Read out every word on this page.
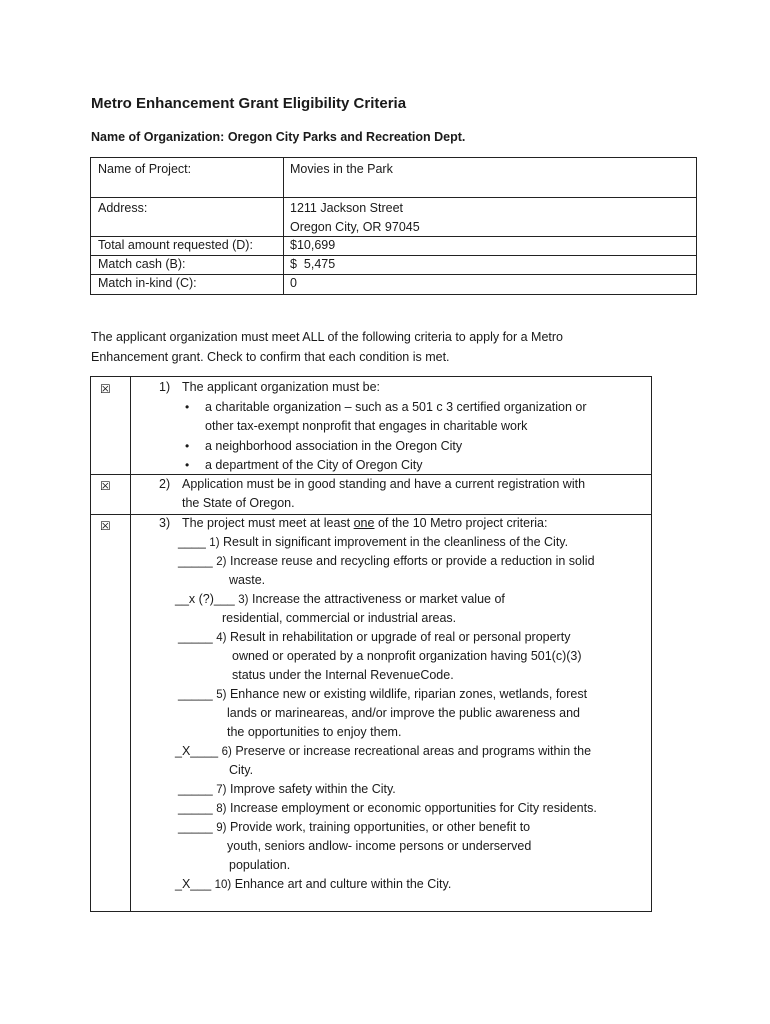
Metro Enhancement Grant Eligibility Criteria
Name of Organization: Oregon City Parks and Recreation Dept.
Name of Project:	Movies in the Park
Address:	1211 Jackson Street
Oregon City, OR 97045
Total amount requested (D):	$10,699
Match cash (B):	$  5,475
Match in-kind (C):	0
The applicant organization must meet ALL of the following criteria to apply for a Metro
Enhancement grant. Check to confirm that each condition is met.
☒	1) The applicant organization must be:
• a charitable organization – such as a 501 c 3 certified organization or
other tax-exempt nonprofit that engages in charitable work
• a neighborhood association in the Oregon City
• a department of the City of Oregon City
☒	2) Application must be in good standing and have a current registration with
the State of Oregon.
☒	3) The project must meet at least one of the 10 Metro project criteria:
____ 1) Result in significant improvement in the cleanliness of the City.
_____ 2) Increase reuse and recycling efforts or provide a reduction in solid
waste.
__x (?)___ 3) Increase the attractiveness or market value of
residential, commercial or industrial areas.
_____ 4) Result in rehabilitation or upgrade of real or personal property
owned or operated by a nonprofit organization having 501(c)(3)
status under the Internal RevenueCode.
_____ 5) Enhance new or existing wildlife, riparian zones, wetlands, forest
lands or marineareas, and/or improve the public awareness and
the opportunities to enjoy them.
_X____ 6) Preserve or increase recreational areas and programs within the
City.
_____ 7) Improve safety within the City.
_____ 8) Increase employment or economic opportunities for City residents.
_____ 9) Provide work, training opportunities, or other benefit to
youth, seniors andlow- income persons or underserved
population.
_X___ 10) Enhance art and culture within the City.
